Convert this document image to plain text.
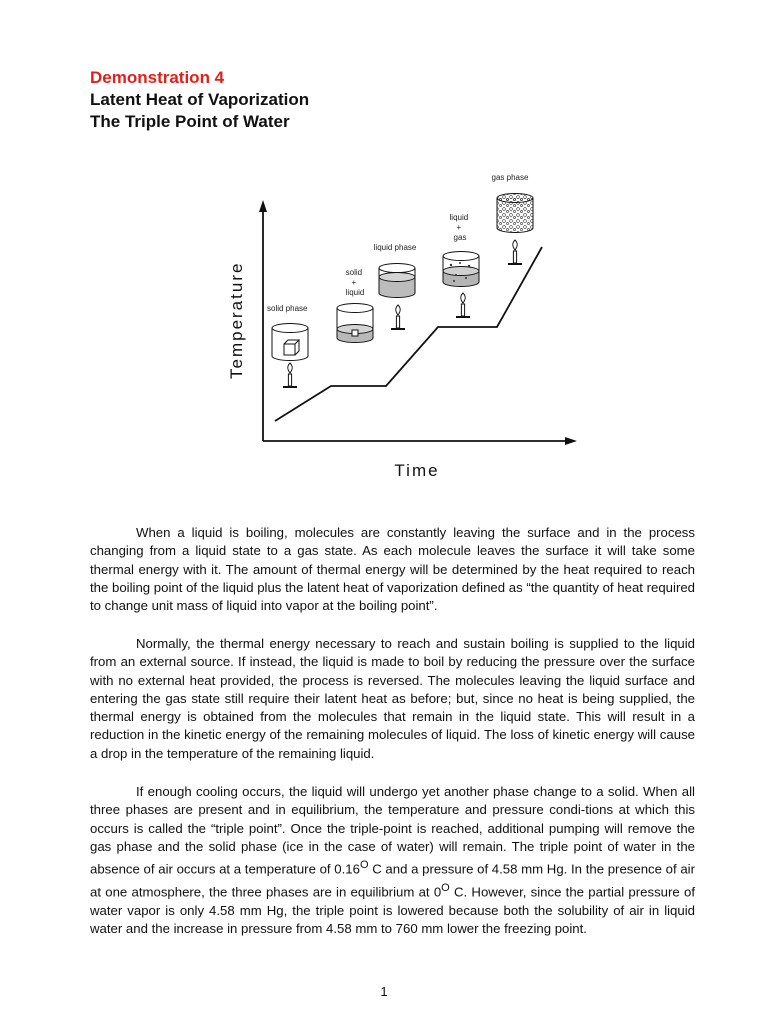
Demonstration 4
Latent Heat of Vaporization
The Triple Point of Water
Temperature
Time
solid phase
solid + liquid
liquid phase
liquid + gas
gas phase

When a liquid is boiling, molecules are constantly leaving the surface and in the process changing from a liquid state to a gas state. As each molecule leaves the surface it will take some thermal energy with it. The amount of thermal energy will be determined by the heat required to reach the boiling point of the liquid plus the latent heat of vaporization defined as “the quantity of heat required to change unit mass of liquid into vapor at the boiling point”.

Normally, the thermal energy necessary to reach and sustain boiling is supplied to the liquid from an external source. If instead, the liquid is made to boil by reducing the pressure over the surface with no external heat provided, the process is reversed. The molecules leaving the liquid surface and entering the gas state still require their latent heat as before; but, since no heat is being supplied, the thermal energy is obtained from the molecules that remain in the liquid state. This will result in a reduction in the kinetic energy of the remaining molecules of liquid. The loss of kinetic energy will cause a drop in the temperature of the remaining liquid.

If enough cooling occurs, the liquid will undergo yet another phase change to a solid. When all three phases are present and in equilibrium, the temperature and pressure condi-tions at which this occurs is called the “triple point”. Once the triple-point is reached, additional pumping will remove the gas phase and the solid phase (ice in the case of water) will remain. The triple point of water in the absence of air occurs at a temperature of $0.16^O$ C and a pressure of 4.58 mm Hg. In the presence of air at one atmosphere, the three phases are in equilibrium at $0^O$ C. However, since the partial pressure of water vapor is only 4.58 mm Hg, the triple point is lowered because both the solubility of air in liquid water and the increase in pressure from 4.58 mm to 760 mm lower the freezing point.

1
